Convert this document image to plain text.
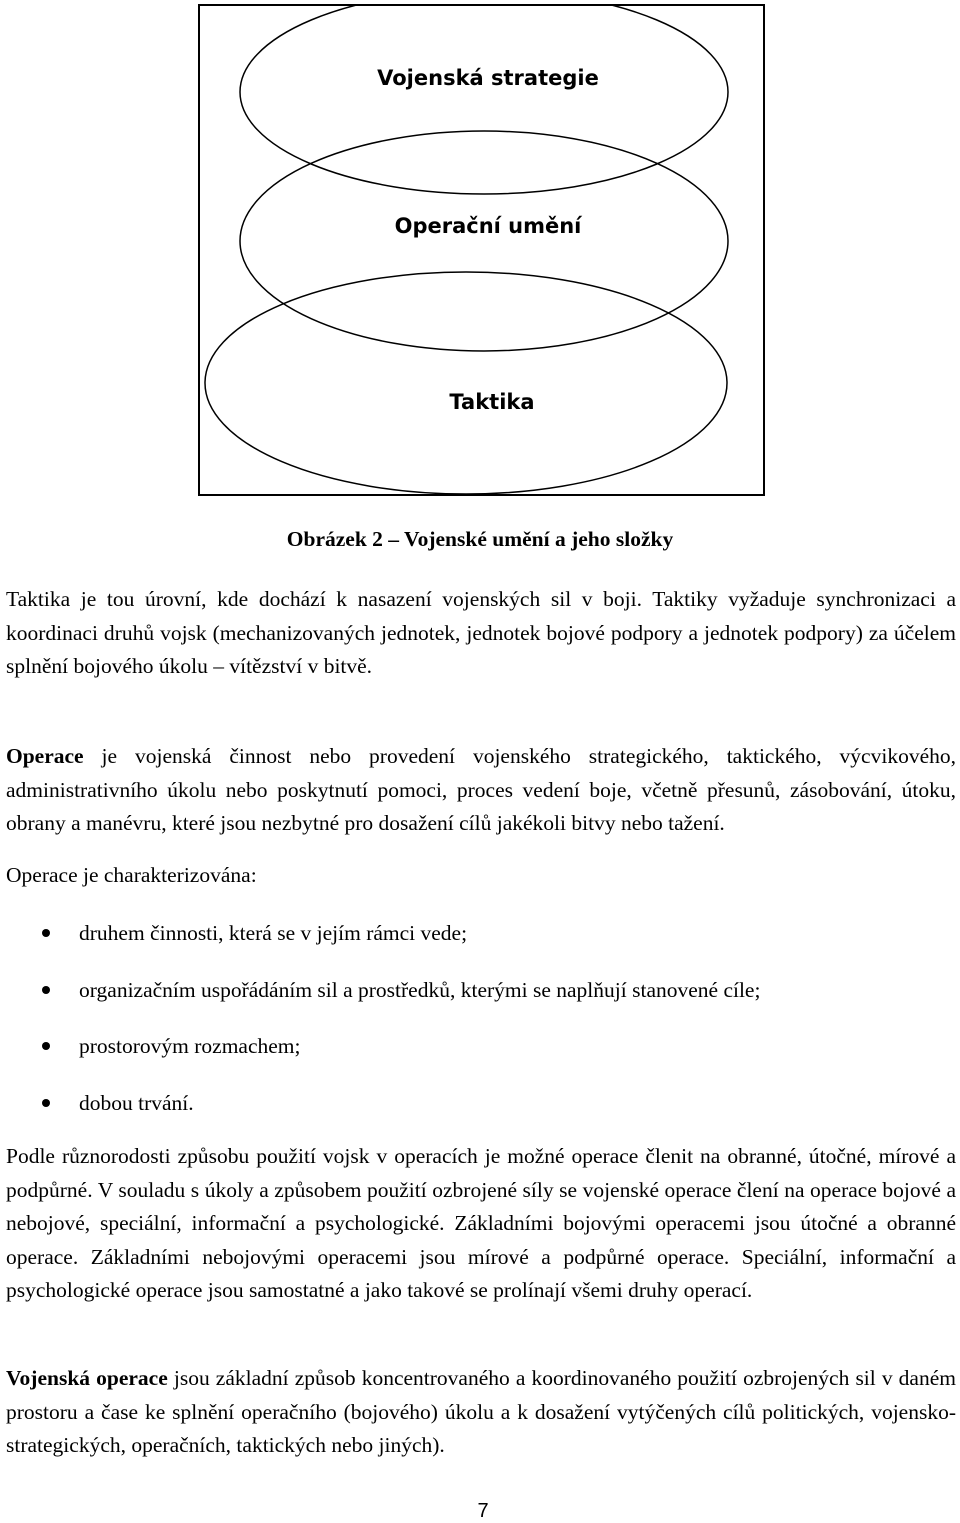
Vojenská strategie
Operační umění
Taktika

Obrázek 2 – Vojenské umění a jeho složky

Taktika je tou úrovní, kde dochází k nasazení vojenských sil v boji. Taktiky vyžaduje synchronizaci a koordinaci druhů vojsk (mechanizovaných jednotek, jednotek bojové podpory a jednotek podpory) za účelem splnění bojového úkolu – vítězství v bitvě.

Operace je vojenská činnost nebo provedení vojenského strategického, taktického, výcvikového, administrativního úkolu nebo poskytnutí pomoci, proces vedení boje, včetně přesunů, zásobování, útoku, obrany a manévru, které jsou nezbytné pro dosažení cílů jakékoli bitvy nebo tažení.

Operace je charakterizována:

druhem činnosti, která se v jejím rámci vede;
organizačním uspořádáním sil a prostředků, kterými se naplňují stanovené cíle;
prostorovým rozmachem;
dobou trvání.

Podle různorodosti způsobu použití vojsk v operacích je možné operace členit na obranné, útočné, mírové a podpůrné. V souladu s úkoly a způsobem použití ozbrojené síly se vojenské operace člení na operace bojové a nebojové, speciální, informační a psychologické. Základními bojovými operacemi jsou útočné a obranné operace. Základními nebojovými operacemi jsou mírové a podpůrné operace. Speciální, informační a psychologické operace jsou samostatné a jako takové se prolínají všemi druhy operací.

Vojenská operace jsou základní způsob koncentrovaného a koordinovaného použití ozbrojených sil v daném prostoru a čase ke splnění operačního (bojového) úkolu a k dosažení vytýčených cílů politických, vojensko-strategických, operačních, taktických nebo jiných).

7
